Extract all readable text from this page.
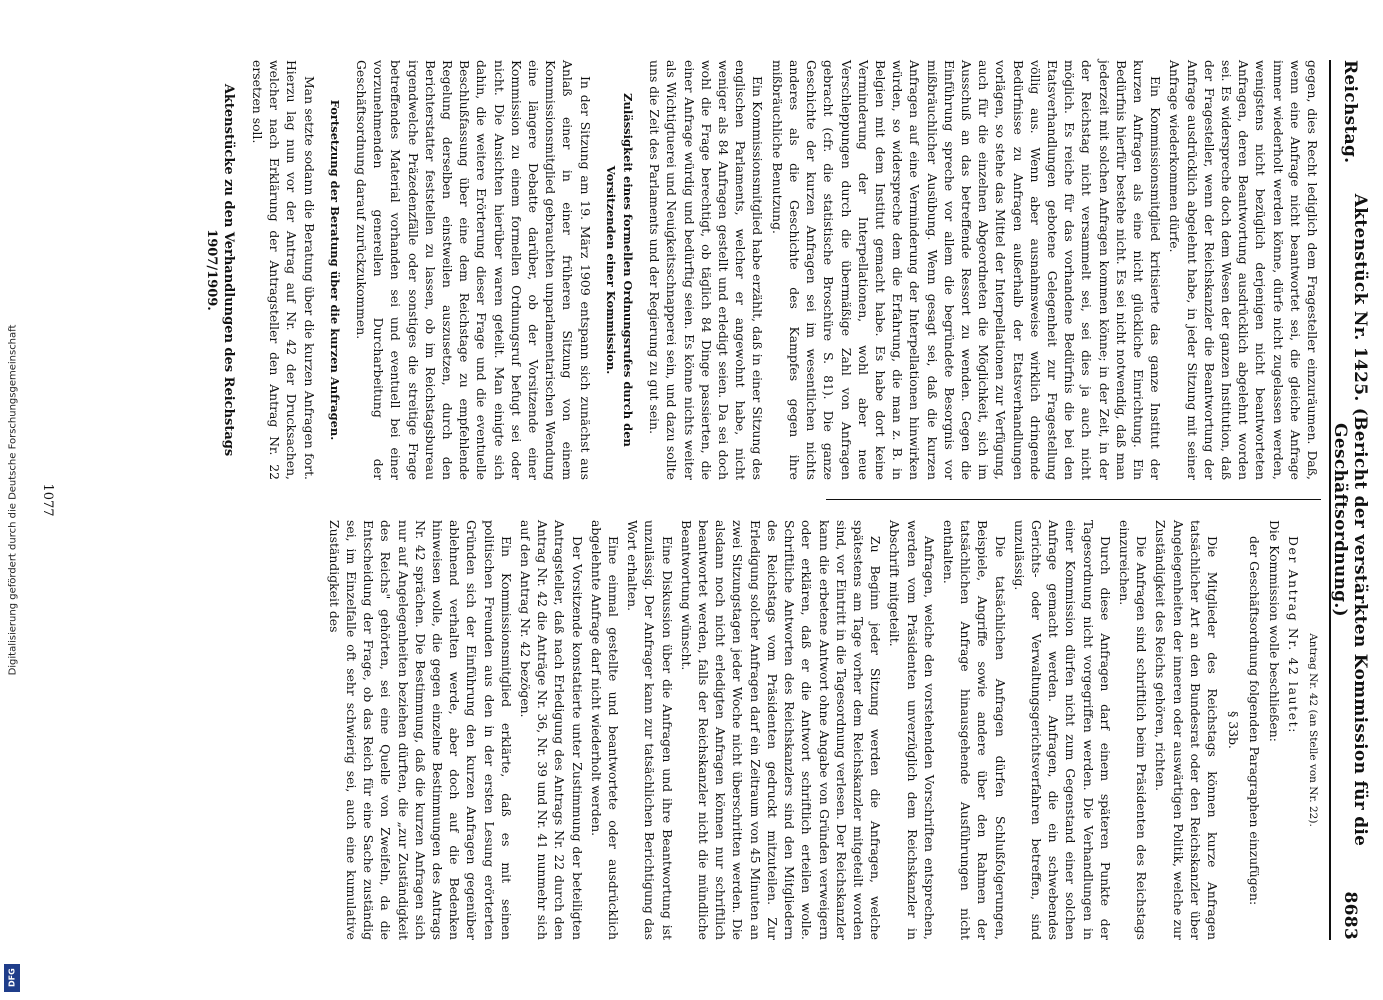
Digitalisierung gefördert durch die Deutsche Forschungsgemeinschaft
DFG
Reichstag.
Aktenstück Nr. 1425. (Bericht der verstärkten Kommission für die Geschäftsordnung.)
8683

gegen, dies Recht lediglich dem Fragesteller einzuräumen. Daß, wenn eine Anfrage nicht beantwortet sei, die gleiche Anfrage immer wiederholt werden könne, dürfe nicht zugelassen werden, wenigstens nicht bezüglich derjenigen nicht beantworteten Anfragen, deren Beantwortung ausdrücklich abgelehnt worden sei. Es widerspreche doch dem Wesen der ganzen Institution, daß der Fragesteller, wenn der Reichskanzler die Beantwortung der Anfrage ausdrücklich abgelehnt habe, in jeder Sitzung mit seiner Anfrage wiederkommen dürfe.

Ein Kommissionsmitglied kritisierte das ganze Institut der kurzen Anfragen als eine nicht glückliche Einrichtung. Ein Bedürfnis hierfür bestehe nicht. Es sei nicht notwendig, daß man jederzeit mit solchen Anfragen kommen könne; in der Zeit, in der der Reichstag nicht versammelt sei, sei dies ja auch nicht möglich. Es reiche für das vorhandene Bedürfnis die bei den Etatsverhandlungen gebotene Gelegenheit zur Fragestellung völlig aus. Wenn aber ausnahmsweise wirklich dringende Bedürfnisse zu Anfragen außerhalb der Etatsverhandlungen vorlägen, so stehe das Mittel der Interpellationen zur Verfügung, auch für die einzelnen Abgeordneten die Möglichkeit, sich im Ausschuß an das betreffende Ressort zu wenden. Gegen die Einführung spreche vor allem die begründete Besorgnis vor mißbräuchlicher Ausübung. Wenn gesagt sei, daß die kurzen Anfragen auf eine Verminderung der Interpellationen hinwirken würden, so widerspreche dem die Erfahrung, die man z. B. in Belgien mit dem Institut gemacht habe. Es habe dort keine Verminderung der Interpellationen, wohl aber neue Verschleppungen durch die übermäßige Zahl von Anfragen gebracht (cfr. die statistische Broschüre S. 81). Die ganze Geschichte der kurzen Anfragen sei im wesentlichen nichts anderes als die Geschichte des Kampfes gegen ihre mißbräuchliche Benutzung.

Ein Kommissionsmitglied habe erzählt, daß in einer Sitzung des englischen Parlaments, welcher er angewohnt habe, nicht weniger als 84 Anfragen gestellt und erledigt seien. Da sei doch wohl die Frage berechtigt, ob täglich 84 Dinge passierten, die einer Anfrage würdig und bedürftig seien. Es könne nichts weiter als Wichtigtuerei und Neuigkeitsschnapperei sein, und dazu sollte uns die Zeit des Parlaments und der Regierung zu gut sein.

Zulässigkeit eines formellen Ordnungsrufes durch den Vorsitzenden einer Kommission.

In der Sitzung am 19. März 1909 entspann sich zunächst aus Anlaß einer in einer früheren Sitzung von einem Kommissionsmitglied gebrauchten unparlamentarischen Wendung eine längere Debatte darüber, ob der Vorsitzende einer Kommission zu einem formellen Ordnungsruf befugt sei oder nicht. Die Ansichten hierüber waren geteilt. Man einigte sich dahin, die weitere Erörterung dieser Frage und die eventuelle Beschlußfassung über eine dem Reichstage zu empfehlende Regelung derselben einstweilen auszusetzen, durch den Berichterstatter feststellen zu lassen, ob im Reichstagsbureau irgendwelche Präzedenzfälle oder sonstiges die streitige Frage betreffendes Material vorhanden sei und eventuell bei einer vorzunehmenden generellen Durcharbeitung der Geschäftsordnung darauf zurückzukommen.

Fortsetzung der Beratung über die kurzen Anfragen.

Man setzte sodann die Beratung über die kurzen Anfragen fort. Hierzu lag nun vor der Antrag auf Nr. 42 der Drucksachen, welcher nach Erklärung der Antragsteller den Antrag Nr. 22 ersetzen soll.

Aktenstücke zu den Verhandlungen des Reichstags 1907/1909.

Antrag Nr. 42 (an Stelle von Nr. 22).

Der Antrag Nr. 42 lautet:

Die Kommission wolle beschließen:

der Geschäftsordnung folgenden Paragraphen einzufügen:

§ 33b.

Die Mitglieder des Reichstags können kurze Anfragen tatsächlicher Art an den Bundesrat oder den Reichskanzler über Angelegenheiten der inneren oder auswärtigen Politik, welche zur Zuständigkeit des Reichs gehören, richten.

Die Anfragen sind schriftlich beim Präsidenten des Reichstags einzureichen.

Durch diese Anfragen darf einem späteren Punkte der Tagesordnung nicht vorgegriffen werden. Die Verhandlungen in einer Kommission dürfen nicht zum Gegenstand einer solchen Anfrage gemacht werden. Anfragen, die ein schwebendes Gerichts- oder Verwaltungsgerichtsverfahren betreffen, sind unzulässig.

Die tatsächlichen Anfragen dürfen Schlußfolgerungen, Beispiele, Angriffe sowie andere über den Rahmen der tatsächlichen Anfrage hinausgehende Ausführungen nicht enthalten.

Anfragen, welche den vorstehenden Vorschriften entsprechen, werden vom Präsidenten unverzüglich dem Reichskanzler in Abschrift mitgeteilt.

Zu Beginn jeder Sitzung werden die Anfragen, welche spätestens am Tage vorher dem Reichskanzler mitgeteilt worden sind, vor Eintritt in die Tagesordnung verlesen. Der Reichskanzler kann die erbetene Antwort ohne Angabe von Gründen verweigern oder erklären, daß er die Antwort schriftlich erteilen wolle. Schriftliche Antworten des Reichskanzlers sind den Mitgliedern des Reichstags vom Präsidenten gedruckt mitzuteilen. Zur Erledigung solcher Anfragen darf ein Zeitraum von 45 Minuten an zwei Sitzungstagen jeder Woche nicht überschritten werden. Die alsdann noch nicht erledigten Anfragen können nur schriftlich beantwortet werden, falls der Reichskanzler nicht die mündliche Beantwortung wünscht.

Eine Diskussion über die Anfragen und ihre Beantwortung ist unzulässig. Der Anfrager kann zur tatsächlichen Berichtigung das Wort erhalten.

Eine einmal gestellte und beantwortete oder ausdrücklich abgelehnte Anfrage darf nicht wiederholt werden.

Der Vorsitzende konstatierte unter Zustimmung der beteiligten Antragsteller, daß nach Erledigung des Antrags Nr. 22 durch den Antrag Nr. 42 die Anträge Nr. 36, Nr. 39 und Nr. 41 nunmehr sich auf den Antrag Nr. 42 bezögen.

Ein Kommissionsmitglied erklärte, daß es mit seinen politischen Freunden aus den in der ersten Lesung erörterten Gründen sich der Einführung den kurzen Anfragen gegenüber ablehnend verhalten werde, aber doch auf die Bedenken hinweisen wolle, die gegen einzelne Bestimmungen des Antrags Nr. 42 sprächen. Die Bestimmung, daß die kurzen Anfragen sich nur auf Angelegenheiten beziehen dürften, die „zur Zuständigkeit des Reichs" gehörten, sei eine Quelle von Zweifeln, da die Entscheidung der Frage, ob das Reich für eine Sache zuständig sei, im Einzelfalle oft sehr schwierig sei, auch eine kumulative Zuständigkeit des

1077
